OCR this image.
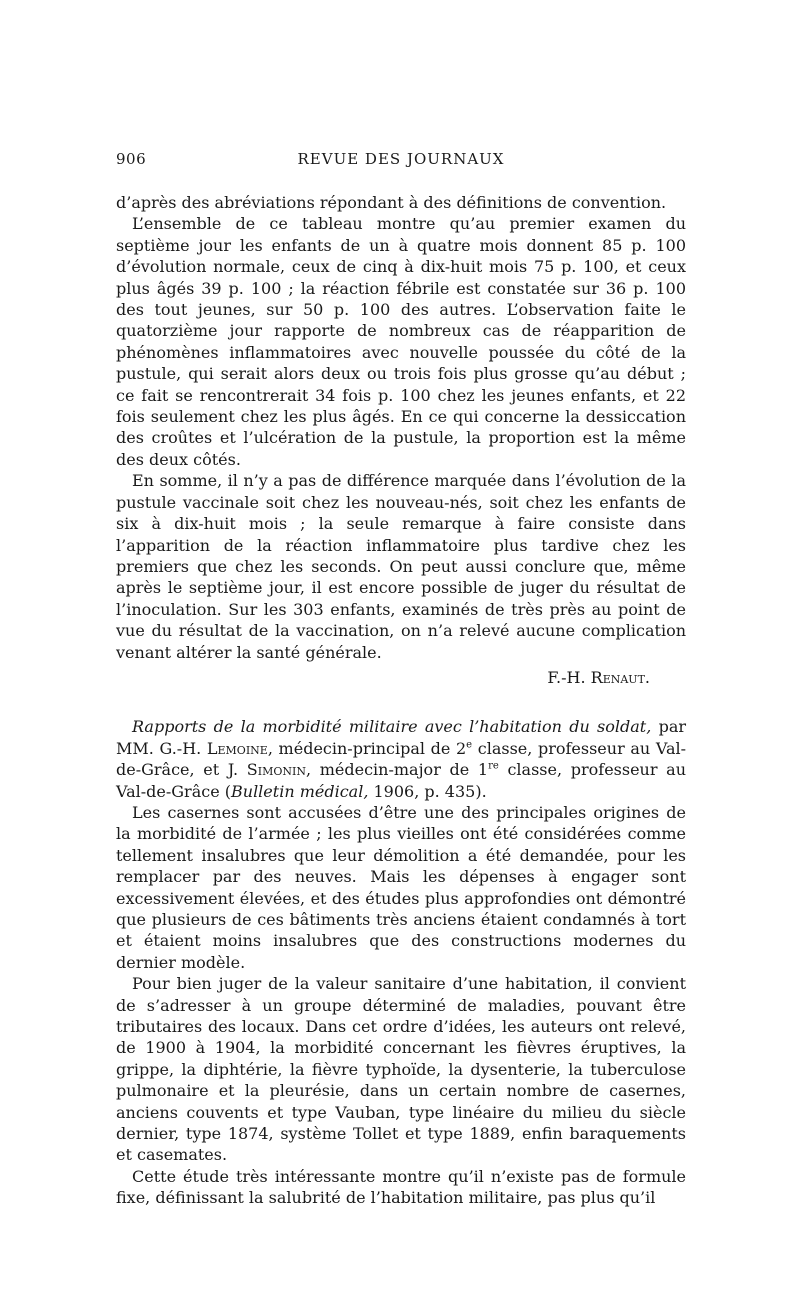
906	REVUE DES JOURNAUX

d’après des abréviations répondant à des définitions de convention.

L’ensemble de ce tableau montre qu’au premier examen du septième jour les enfants de un à quatre mois donnent 85 p. 100 d’évolution normale, ceux de cinq à dix-huit mois 75 p. 100, et ceux plus âgés 39 p. 100 ; la réaction fébrile est constatée sur 36 p. 100 des tout jeunes, sur 50 p. 100 des autres. L’observation faite le quatorzième jour rapporte de nombreux cas de réapparition de phénomènes inflammatoires avec nouvelle poussée du côté de la pustule, qui serait alors deux ou trois fois plus grosse qu’au début ; ce fait se rencontrerait 34 fois p. 100 chez les jeunes enfants, et 22 fois seulement chez les plus âgés. En ce qui concerne la dessiccation des croûtes et l’ulcération de la pustule, la proportion est la même des deux côtés.

En somme, il n’y a pas de différence marquée dans l’évolution de la pustule vaccinale soit chez les nouveau-nés, soit chez les enfants de six à dix-huit mois ; la seule remarque à faire consiste dans l’apparition de la réaction inflammatoire plus tardive chez les premiers que chez les seconds. On peut aussi conclure que, même après le septième jour, il est encore possible de juger du résultat de l’inoculation. Sur les 303 enfants, examinés de très près au point de vue du résultat de la vaccination, on n’a relevé aucune complication venant altérer la santé générale.

F.-H. Renaut.

Rapports de la morbidité militaire avec l’habitation du soldat, par MM. G.-H. Lemoine, médecin-principal de 2e classe, professeur au Val-de-Grâce, et J. Simonin, médecin-major de 1re classe, professeur au Val-de-Grâce (Bulletin médical, 1906, p. 435).

Les casernes sont accusées d’être une des principales origines de la morbidité de l’armée ; les plus vieilles ont été considérées comme tellement insalubres que leur démolition a été demandée, pour les remplacer par des neuves. Mais les dépenses à engager sont excessivement élevées, et des études plus approfondies ont démontré que plusieurs de ces bâtiments très anciens étaient condamnés à tort et étaient moins insalubres que des constructions modernes du dernier modèle.

Pour bien juger de la valeur sanitaire d’une habitation, il convient de s’adresser à un groupe déterminé de maladies, pouvant être tributaires des locaux. Dans cet ordre d’idées, les auteurs ont relevé, de 1900 à 1904, la morbidité concernant les fièvres éruptives, la grippe, la diphtérie, la fièvre typhoïde, la dysenterie, la tuberculose pulmonaire et la pleurésie, dans un certain nombre de casernes, anciens couvents et type Vauban, type linéaire du milieu du siècle dernier, type 1874, système Tollet et type 1889, enfin baraquements et casemates.

Cette étude très intéressante montre qu’il n’existe pas de formule fixe, définissant la salubrité de l’habitation militaire, pas plus qu’il
